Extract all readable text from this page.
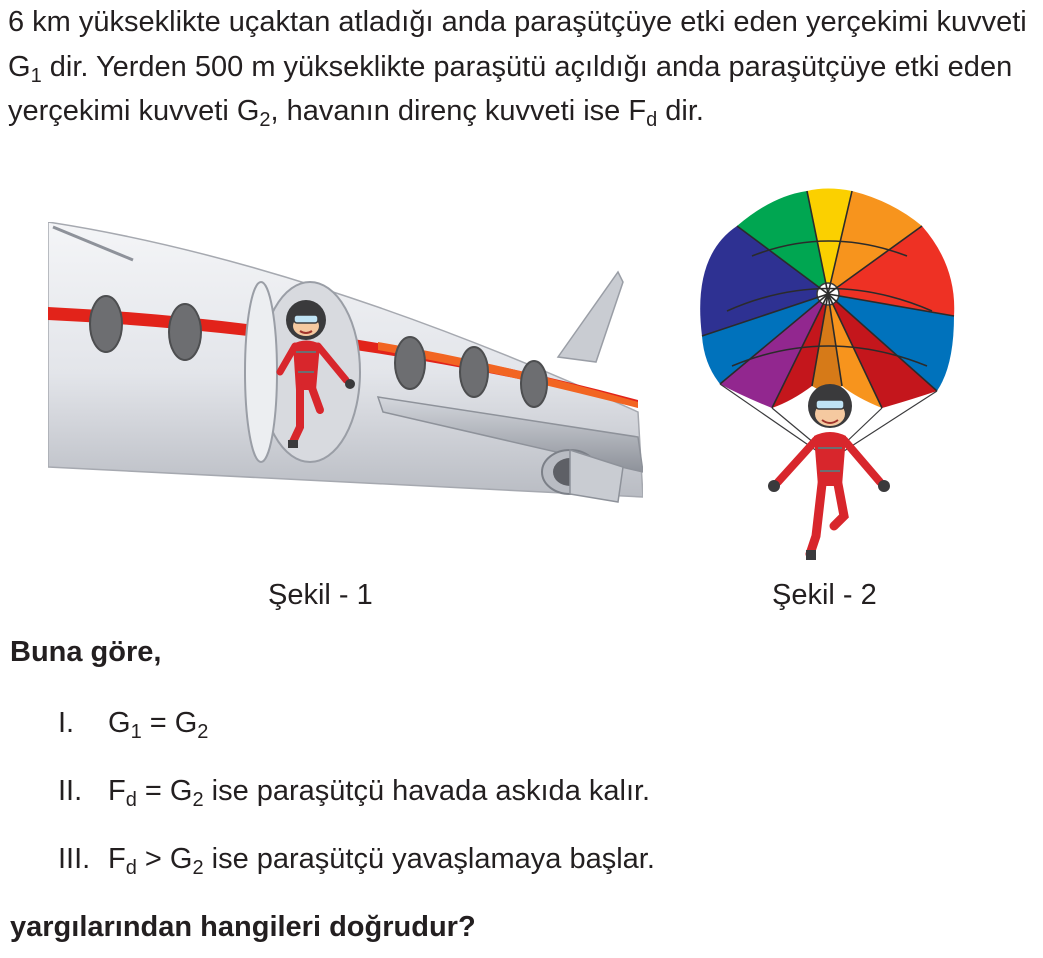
6 km yükseklikte uçaktan atladığı anda paraşütçüye etki eden yerçekimi kuvveti $G_1$ dir. Yerden 500 m yükseklikte paraşütü açıldığı anda paraşütçüye etki eden yerçekimi kuvveti $G_2$, havanın direnç kuvveti ise $F_d$ dir.

Şekil - 1	Şekil - 2

Buna göre,

I. $G_1 = G_2$
II. $F_d = G_2$ ise paraşütçü havada askıda kalır.
III. $F_d > G_2$ ise paraşütçü yavaşlamaya başlar.

yargılarından hangileri doğrudur?
